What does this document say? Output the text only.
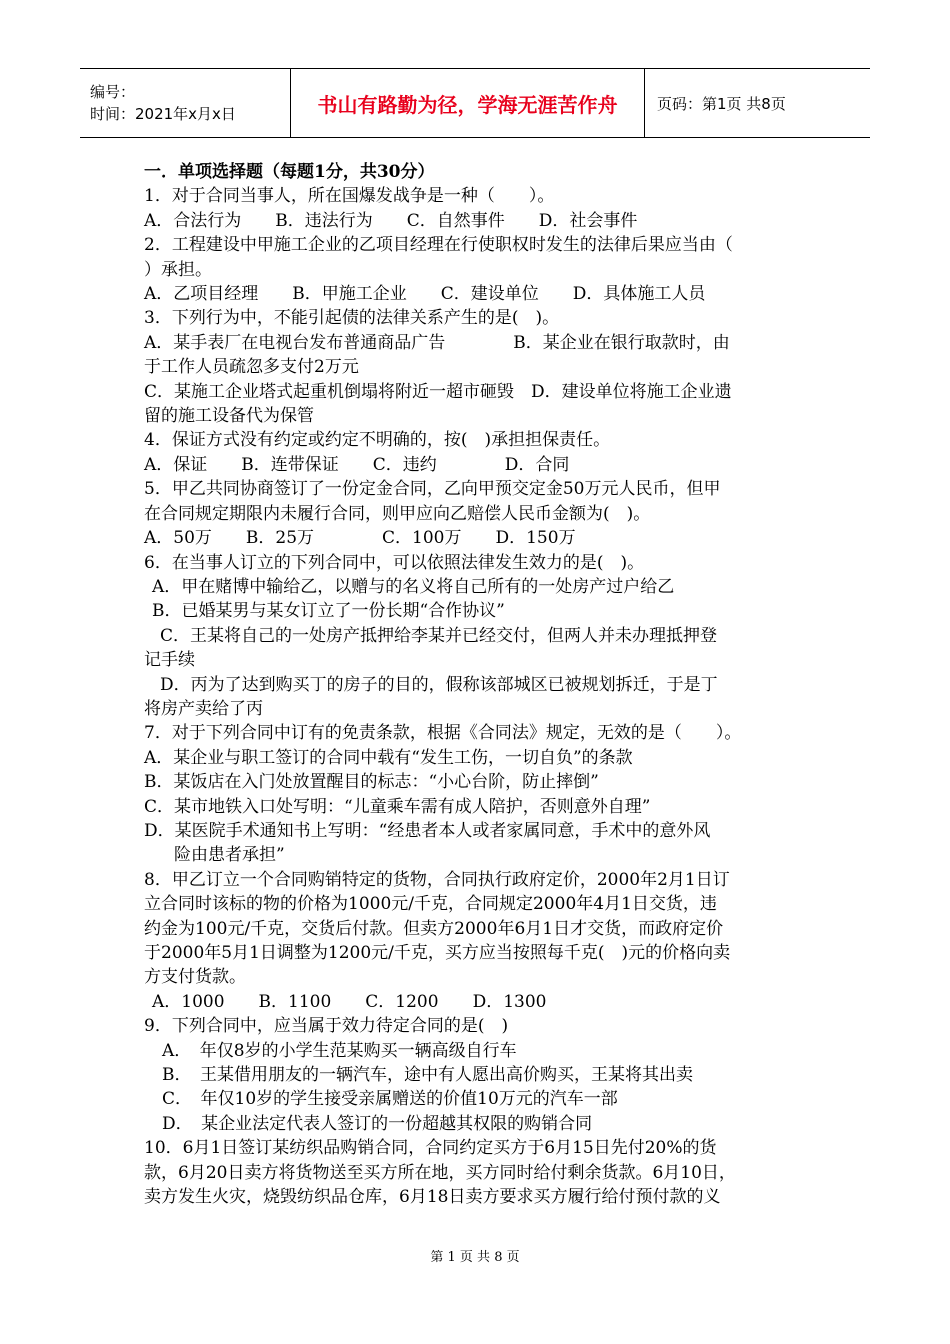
编号：
时间：2021年x月x日	书山有路勤为径，学海无涯苦作舟	页码：第1页 共8页
一．单项选择题（每题1分，共30分）
1．对于合同当事人，所在国爆发战争是一种（　　）。
A．合法行为　　B．违法行为　　C．自然事件　　D．社会事件
2．工程建设中甲施工企业的乙项目经理在行使职权时发生的法律后果应当由（
）承担。
A．乙项目经理　　B．甲施工企业　　C．建设单位　　D．具体施工人员
3．下列行为中，不能引起债的法律关系产生的是(　)。
A．某手表厂在电视台发布普通商品广告　　　　B．某企业在银行取款时，由
于工作人员疏忽多支付2万元
C．某施工企业塔式起重机倒塌将附近一超市砸毁　D．建设单位将施工企业遗
留的施工设备代为保管
4．保证方式没有约定或约定不明确的，按(　)承担担保责任。
A．保证　　B．连带保证　　C．违约　　　　D．合同
5．甲乙共同协商签订了一份定金合同，乙向甲预交定金50万元人民币，但甲
在合同规定期限内未履行合同，则甲应向乙赔偿人民币金额为(　)。
A．50万　　B．25万　　　　C．100万　　D．150万
6．在当事人订立的下列合同中，可以依照法律发生效力的是(　)。
A．甲在赌博中输给乙，以赠与的名义将自己所有的一处房产过户给乙
B．已婚某男与某女订立了一份长期“合作协议”
C．王某将自己的一处房产抵押给李某并已经交付，但两人并未办理抵押登
记手续
D．丙为了达到购买丁的房子的目的，假称该部城区已被规划拆迁，于是丁
将房产卖给了丙
7．对于下列合同中订有的免责条款，根据《合同法》规定，无效的是（　　）。
A．某企业与职工签订的合同中载有“发生工伤，一切自负”的条款
B．某饭店在入门处放置醒目的标志：“小心台阶，防止摔倒”
C．某市地铁入口处写明：“儿童乘车需有成人陪护，否则意外自理”
D．某医院手术通知书上写明：“经患者本人或者家属同意，手术中的意外风
险由患者承担”
8．甲乙订立一个合同购销特定的货物，合同执行政府定价，2000年2月1日订
立合同时该标的物的价格为1000元/千克，合同规定2000年4月1日交货，违
约金为100元/千克，交货后付款。但卖方2000年6月1日才交货，而政府定价
于2000年5月1日调整为1200元/千克，买方应当按照每千克(　)元的价格向卖
方支付货款。
A．1000　　B．1100　　C．1200　　D．1300
9．下列合同中，应当属于效力待定合同的是(　)
A．　年仅8岁的小学生范某购买一辆高级自行车
B．　王某借用朋友的一辆汽车，途中有人愿出高价购买，王某将其出卖
C．　年仅10岁的学生接受亲属赠送的价值10万元的汽车一部
D．　某企业法定代表人签订的一份超越其权限的购销合同
10．6月1日签订某纺织品购销合同，合同约定买方于6月15日先付20%的货
款，6月20日卖方将货物送至买方所在地，买方同时给付剩余货款。6月10日，
卖方发生火灾，烧毁纺织品仓库，6月18日卖方要求买方履行给付预付款的义
第 1 页 共 8 页
